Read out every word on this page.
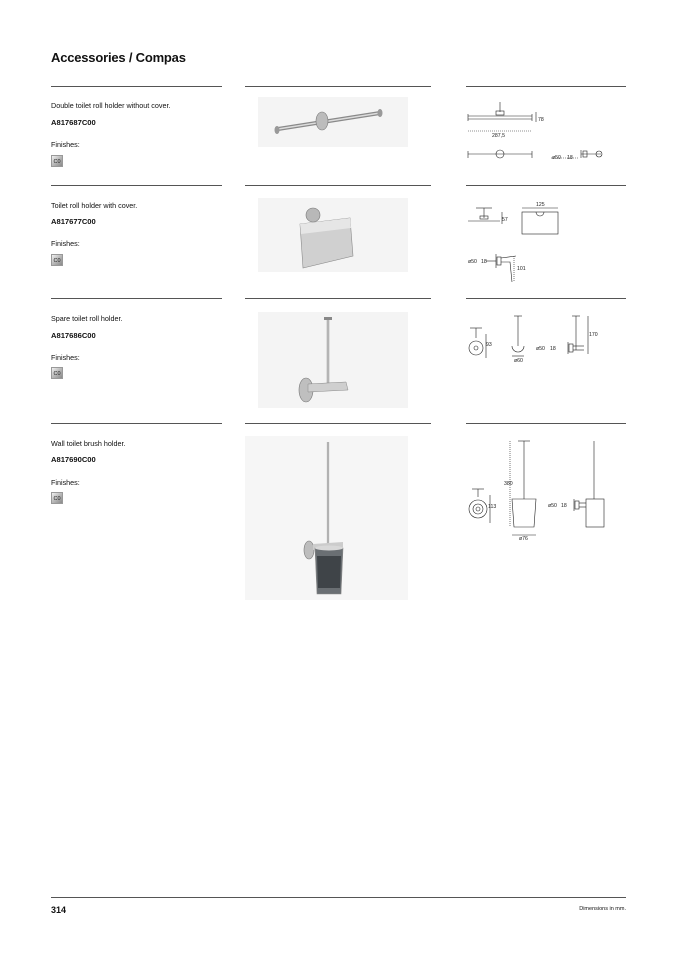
Accessories / Compas
Double toilet roll holder without cover.
A817687C00
Finishes:
C0
78
287,5
ø50 18
Toilet roll holder with cover.
A817677C00
Finishes:
C0
125
57
ø50 18
101
Spare toilet roll holder.
A817686C00
Finishes:
C0
93
ø60
ø50 18
170
Wall toilet brush holder.
A817690C00
Finishes:
C0
380
113	ø50 18
ø76
314	Dimensions in mm.
